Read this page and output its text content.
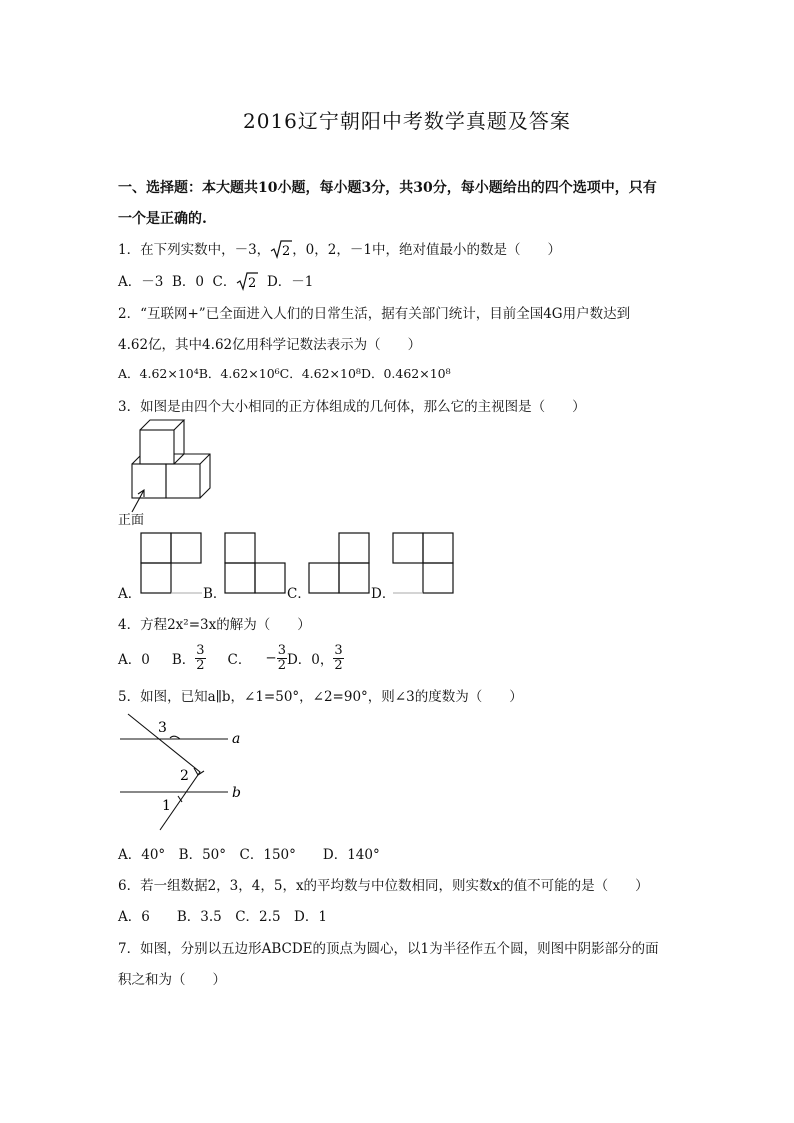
2016辽宁朝阳中考数学真题及答案
一、选择题：本大题共10小题，每小题3分，共30分，每小题给出的四个选项中，只有
一个是正确的.
1．在下列实数中，－3， 2 ，0，2，－1中，绝对值最小的数是（　　）
A．－3 B．0 C． 2 D．－1
2．“互联网+”已全面进入人们的日常生活，据有关部门统计，目前全国4G用户数达到
4.62亿，其中4.62亿用科学记数法表示为（　　）
A．4.62×10⁴B．4.62×10⁶C．4.62×10⁸D．0.462×10⁸
3．如图是由四个大小相同的正方体组成的几何体，那么它的主视图是（　　）
正面
A．	B．	C．	D．
4．方程2x²=3x的解为（　　）
A．0 B． $\frac{3}{2}$ C． − $\frac{3}{2}$ D．0， $\frac{3}{2}$
5．如图，已知a∥b，∠1=50°，∠2=90°，则∠3的度数为（　　）
a
b
3
2
1
A．40°　B．50°　C．150°　　D．140°
6．若一组数据2，3，4，5，x的平均数与中位数相同，则实数x的值不可能的是（　　）
A．6　　B．3.5　C．2.5　D．1
7．如图，分别以五边形ABCDE的顶点为圆心，以1为半径作五个圆，则图中阴影部分的面
积之和为（　　）
